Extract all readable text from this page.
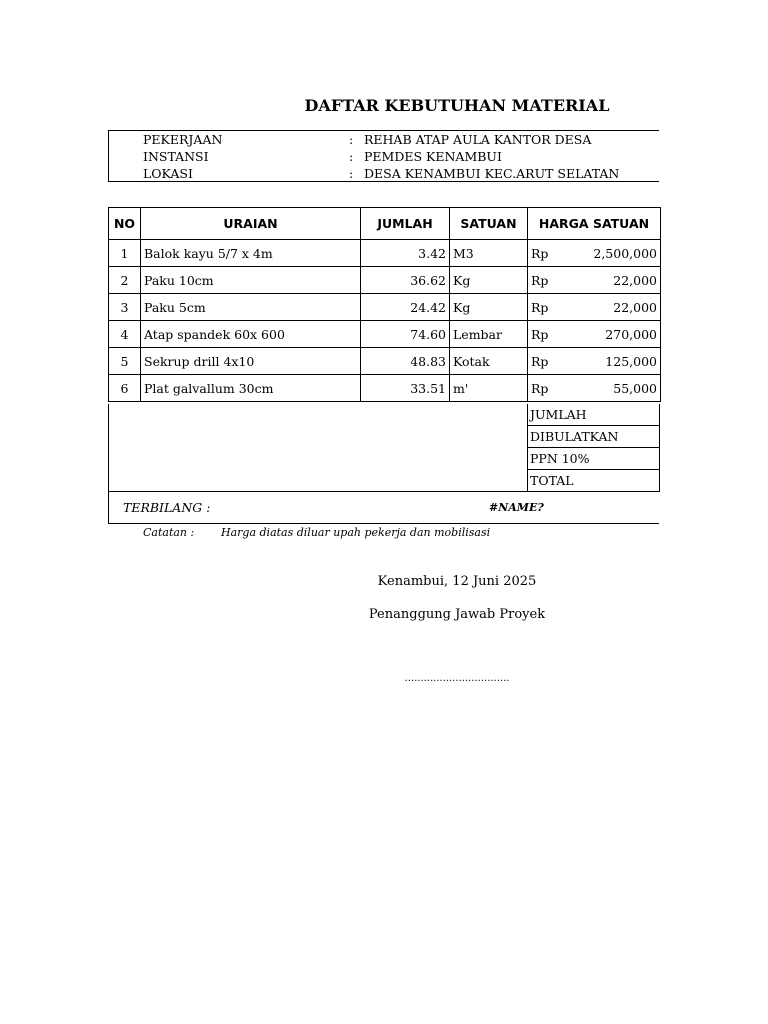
DAFTAR KEBUTUHAN MATERIAL
PEKERJAAN	: REHAB ATAP AULA KANTOR DESA
INSTANSI	: PEMDES KENAMBUI
LOKASI	: DESA KENAMBUI KEC.ARUT SELATAN
NO	URAIAN	JUMLAH	SATUAN	HARGA SATUAN
1	Balok kayu 5/7 x 4m	3.42	M3	Rp 2,500,000

2	Paku 10cm	36.62	Kg	Rp 22,000

3	Paku 5cm	24.42	Kg	Rp 22,000

4	Atap spandek 60x 600	74.60	Lembar	Rp 270,000

5	Sekrup drill 4x10	48.83	Kotak	Rp 125,000

6	Plat galvallum 30cm	33.51	m'	Rp 55,000
JUMLAH
DIBULATKAN
PPN 10%
TOTAL
TERBILANG :	#NAME?
Catatan : Harga diatas diluar upah pekerja dan mobilisasi
Kenambui, 12 Juni 2025
Penanggung Jawab Proyek
.................................
